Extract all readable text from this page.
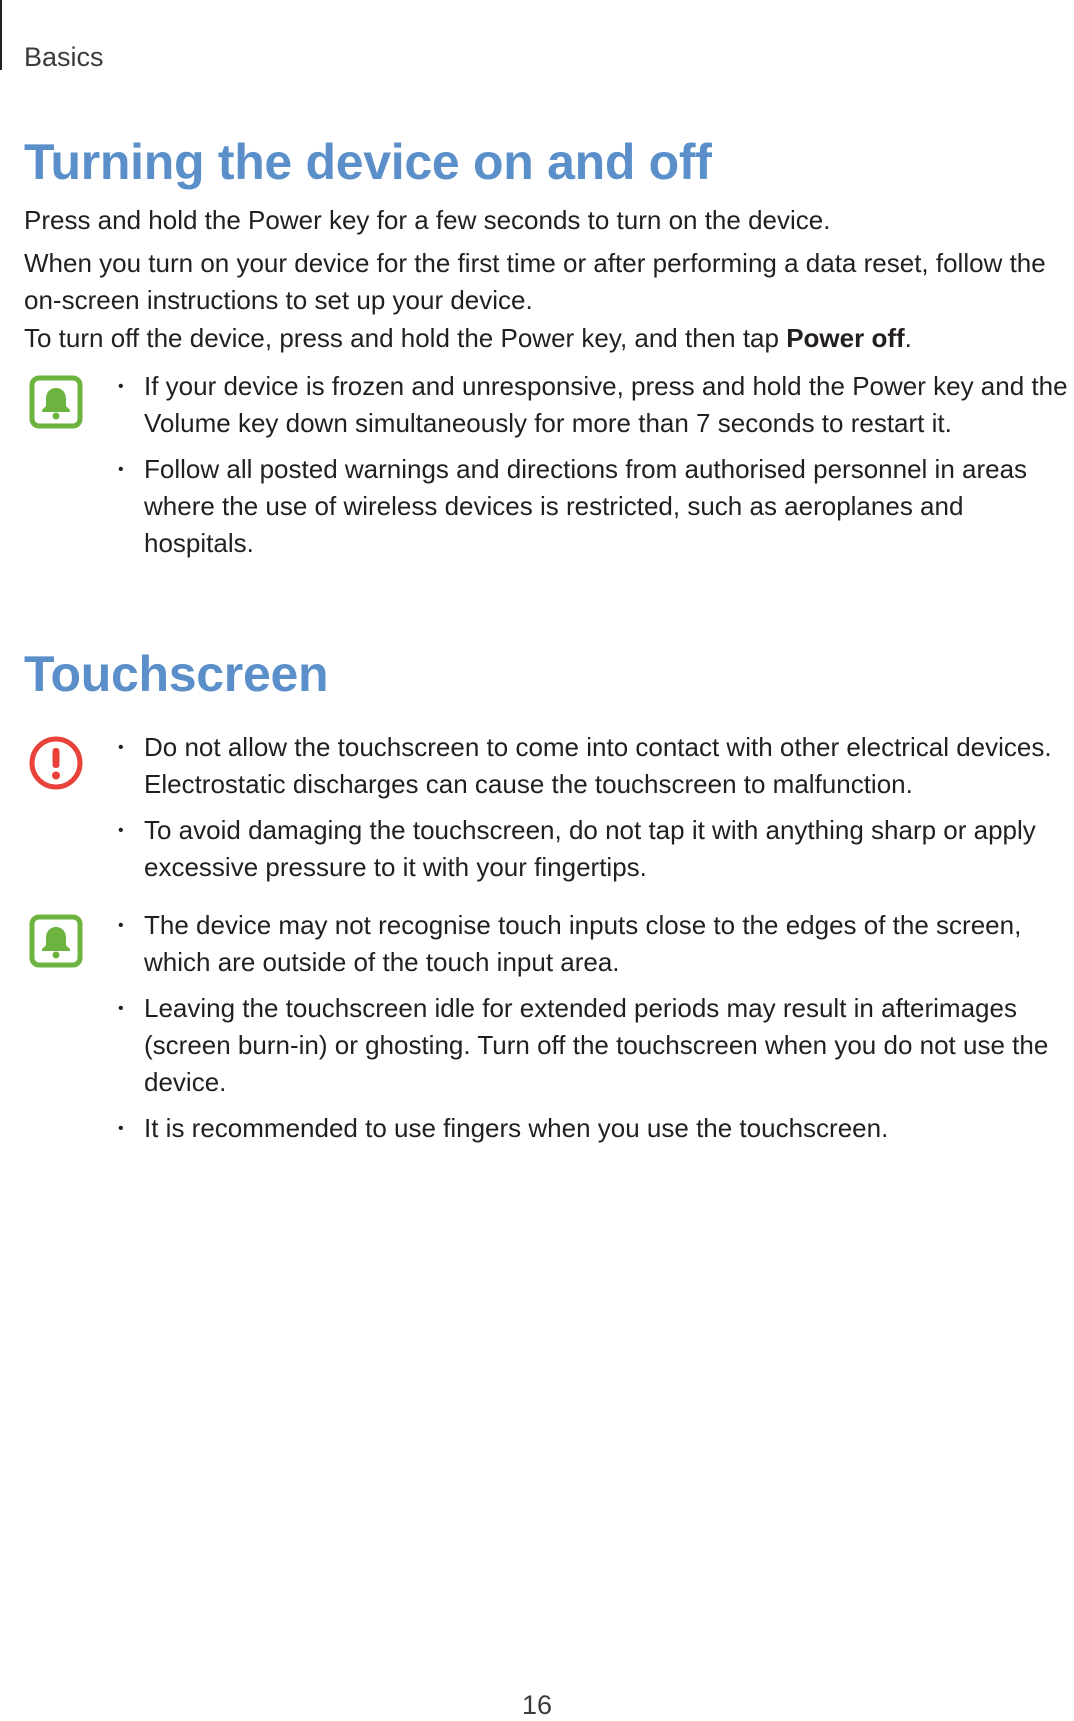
Basics
Turning the device on and off

Press and hold the Power key for a few seconds to turn on the device.

When you turn on your device for the first time or after performing a data reset, follow the on-screen instructions to set up your device.

To turn off the device, press and hold the Power key, and then tap Power off.

• If your device is frozen and unresponsive, press and hold the Power key and the Volume key down simultaneously for more than 7 seconds to restart it.
• Follow all posted warnings and directions from authorised personnel in areas where the use of wireless devices is restricted, such as aeroplanes and hospitals.
Touchscreen
• Do not allow the touchscreen to come into contact with other electrical devices. Electrostatic discharges can cause the touchscreen to malfunction.
• To avoid damaging the touchscreen, do not tap it with anything sharp or apply excessive pressure to it with your fingertips.
• The device may not recognise touch inputs close to the edges of the screen, which are outside of the touch input area.
• Leaving the touchscreen idle for extended periods may result in afterimages (screen burn-in) or ghosting. Turn off the touchscreen when you do not use the device.
• It is recommended to use fingers when you use the touchscreen.
16
